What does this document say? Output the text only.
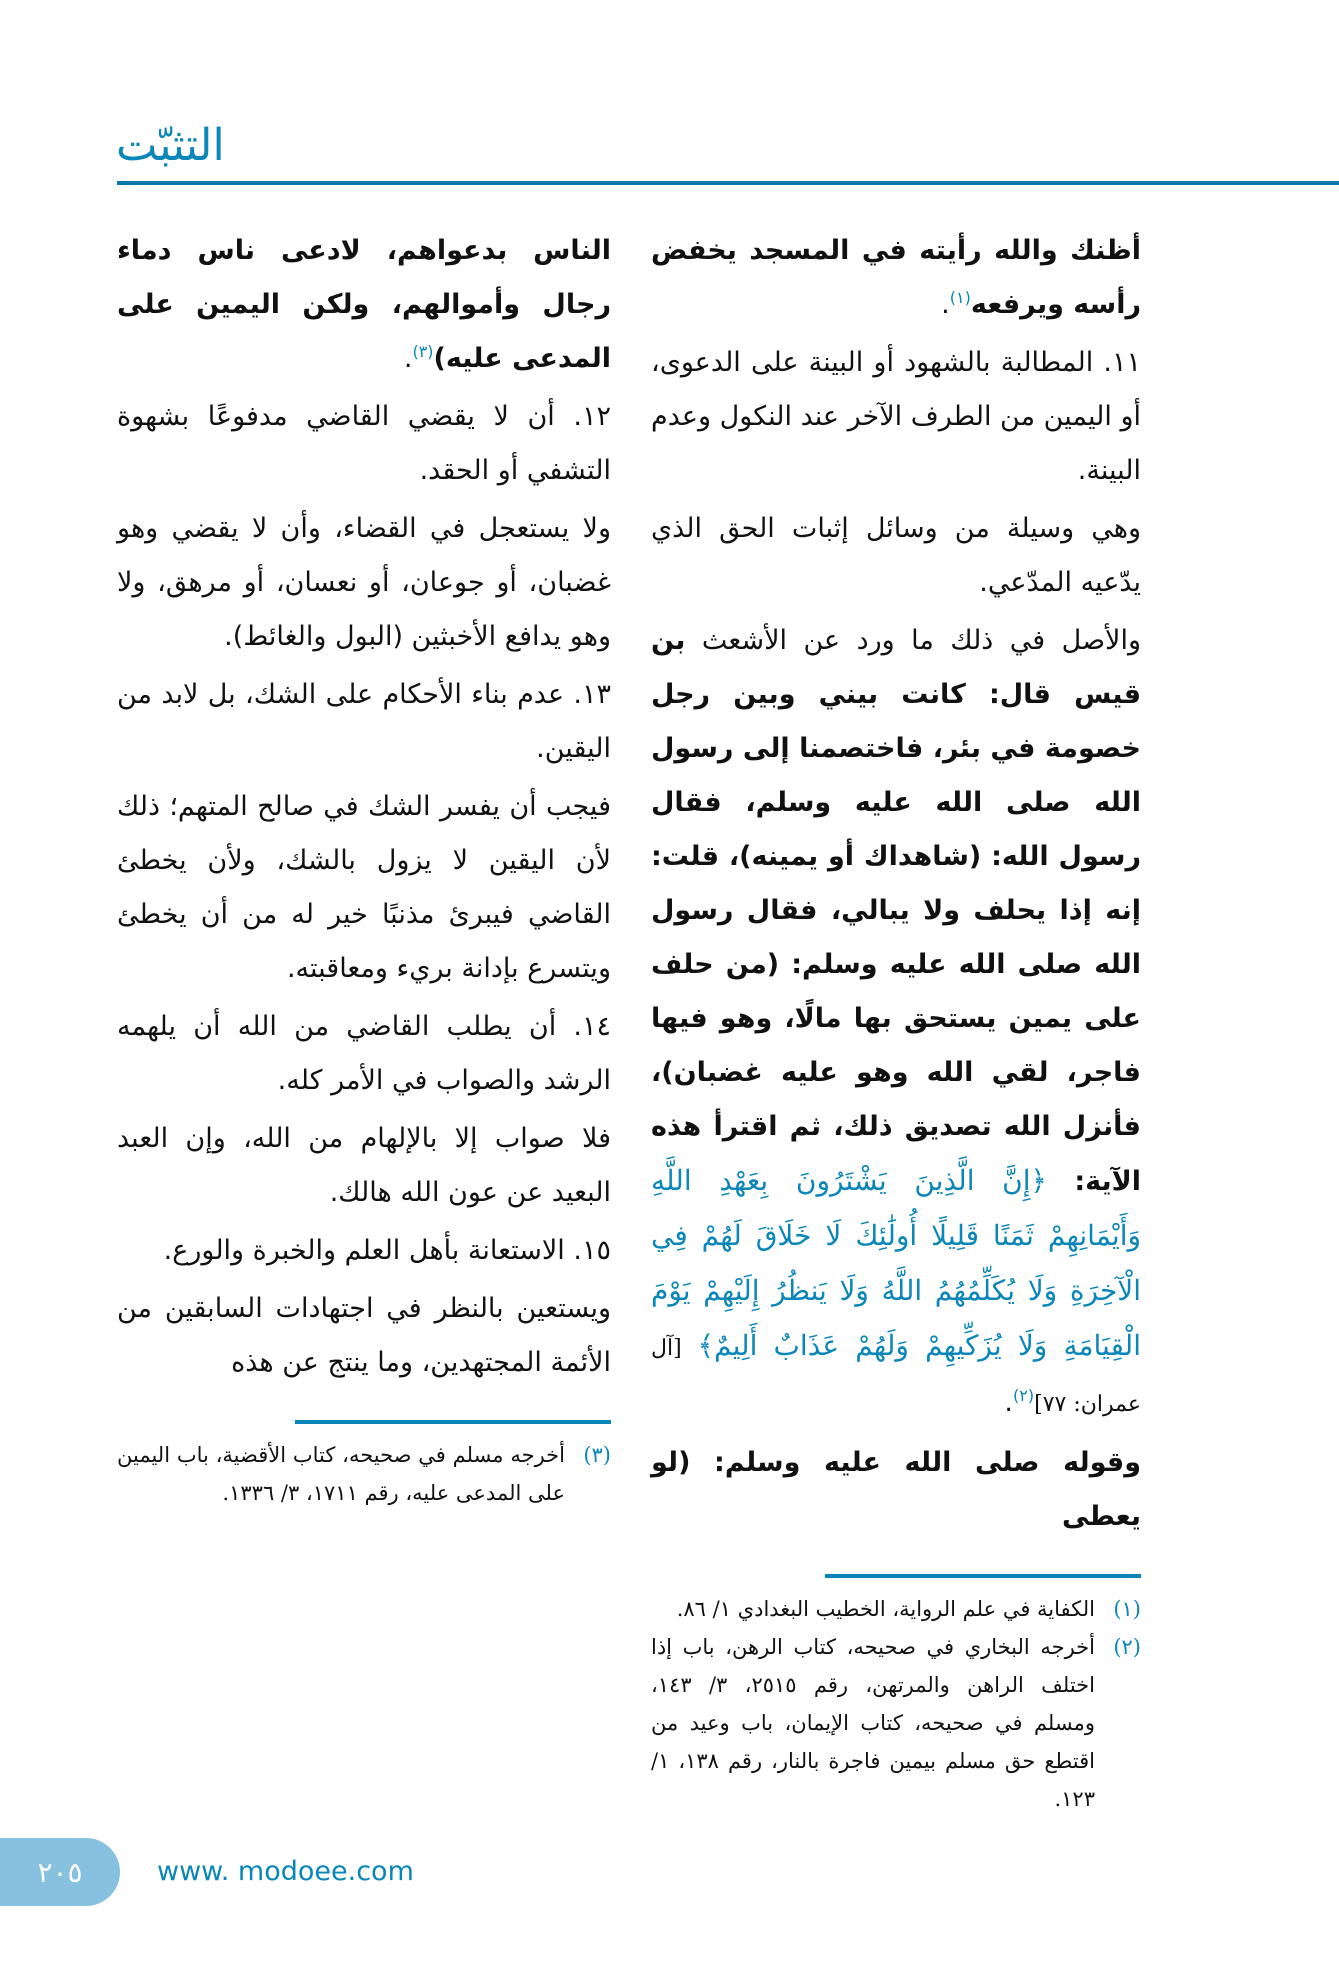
التثبّت

أظنك والله رأيته في المسجد يخفض رأسه ويرفعه$^{(١)}$.

١١. المطالبة بالشهود أو البينة على الدعوى، أو اليمين من الطرف الآخر عند النكول وعدم البينة.

وهي وسيلة من وسائل إثبات الحق الذي يدّعيه المدّعي.

والأصل في ذلك ما ورد عن الأشعث بن قيس قال: كانت بيني وبين رجل خصومة في بئر، فاختصمنا إلى رسول الله صلى الله عليه وسلم، فقال رسول الله: (شاهداك أو يمينه)، قلت: إنه إذا يحلف ولا يبالي، فقال رسول الله صلى الله عليه وسلم: (من حلف على يمين يستحق بها مالًا، وهو فيها فاجر، لقي الله وهو عليه غضبان)، فأنزل الله تصديق ذلك، ثم اقترأ هذه الآية: ﴿إِنَّ الَّذِينَ يَشْتَرُونَ بِعَهْدِ اللَّهِ وَأَيْمَانِهِمْ ثَمَنًا قَلِيلًا أُولَٰئِكَ لَا خَلَاقَ لَهُمْ فِي الْآخِرَةِ وَلَا يُكَلِّمُهُمُ اللَّهُ وَلَا يَنظُرُ إِلَيْهِمْ يَوْمَ الْقِيَامَةِ وَلَا يُزَكِّيهِمْ وَلَهُمْ عَذَابٌ أَلِيمٌ﴾ [آل عمران: ٧٧]$^{(٢)}$.

وقوله صلى الله عليه وسلم: (لو يعطى

(١)
الكفاية في علم الرواية، الخطيب البغدادي ١/ ٨٦.

(٢)
أخرجه البخاري في صحيحه، كتاب الرهن، باب إذا اختلف الراهن والمرتهن، رقم ٢٥١٥، ٣/ ١٤٣، ومسلم في صحيحه، كتاب الإيمان، باب وعيد من اقتطع حق مسلم بيمين فاجرة بالنار، رقم ١٣٨، ١/ ١٢٣.

الناس بدعواهم، لادعى ناس دماء رجال وأموالهم، ولكن اليمين على المدعى عليه)$^{(٣)}$.

١٢. أن لا يقضي القاضي مدفوعًا بشهوة التشفي أو الحقد.

ولا يستعجل في القضاء، وأن لا يقضي وهو غضبان، أو جوعان، أو نعسان، أو مرهق، ولا وهو يدافع الأخبثين (البول والغائط).

١٣. عدم بناء الأحكام على الشك، بل لابد من اليقين.

فيجب أن يفسر الشك في صالح المتهم؛ ذلك لأن اليقين لا يزول بالشك، ولأن يخطئ القاضي فيبرئ مذنبًا خير له من أن يخطئ ويتسرع بإدانة بريء ومعاقبته.

١٤. أن يطلب القاضي من الله أن يلهمه الرشد والصواب في الأمر كله.

فلا صواب إلا بالإلهام من الله، وإن العبد البعيد عن عون الله هالك.

١٥. الاستعانة بأهل العلم والخبرة والورع.

ويستعين بالنظر في اجتهادات السابقين من الأئمة المجتهدين، وما ينتج عن هذه

(٣)
أخرجه مسلم في صحيحه، كتاب الأقضية، باب اليمين على المدعى عليه، رقم ١٧١١، ٣/ ١٣٣٦.

٢٠٥	www. modoee.com
